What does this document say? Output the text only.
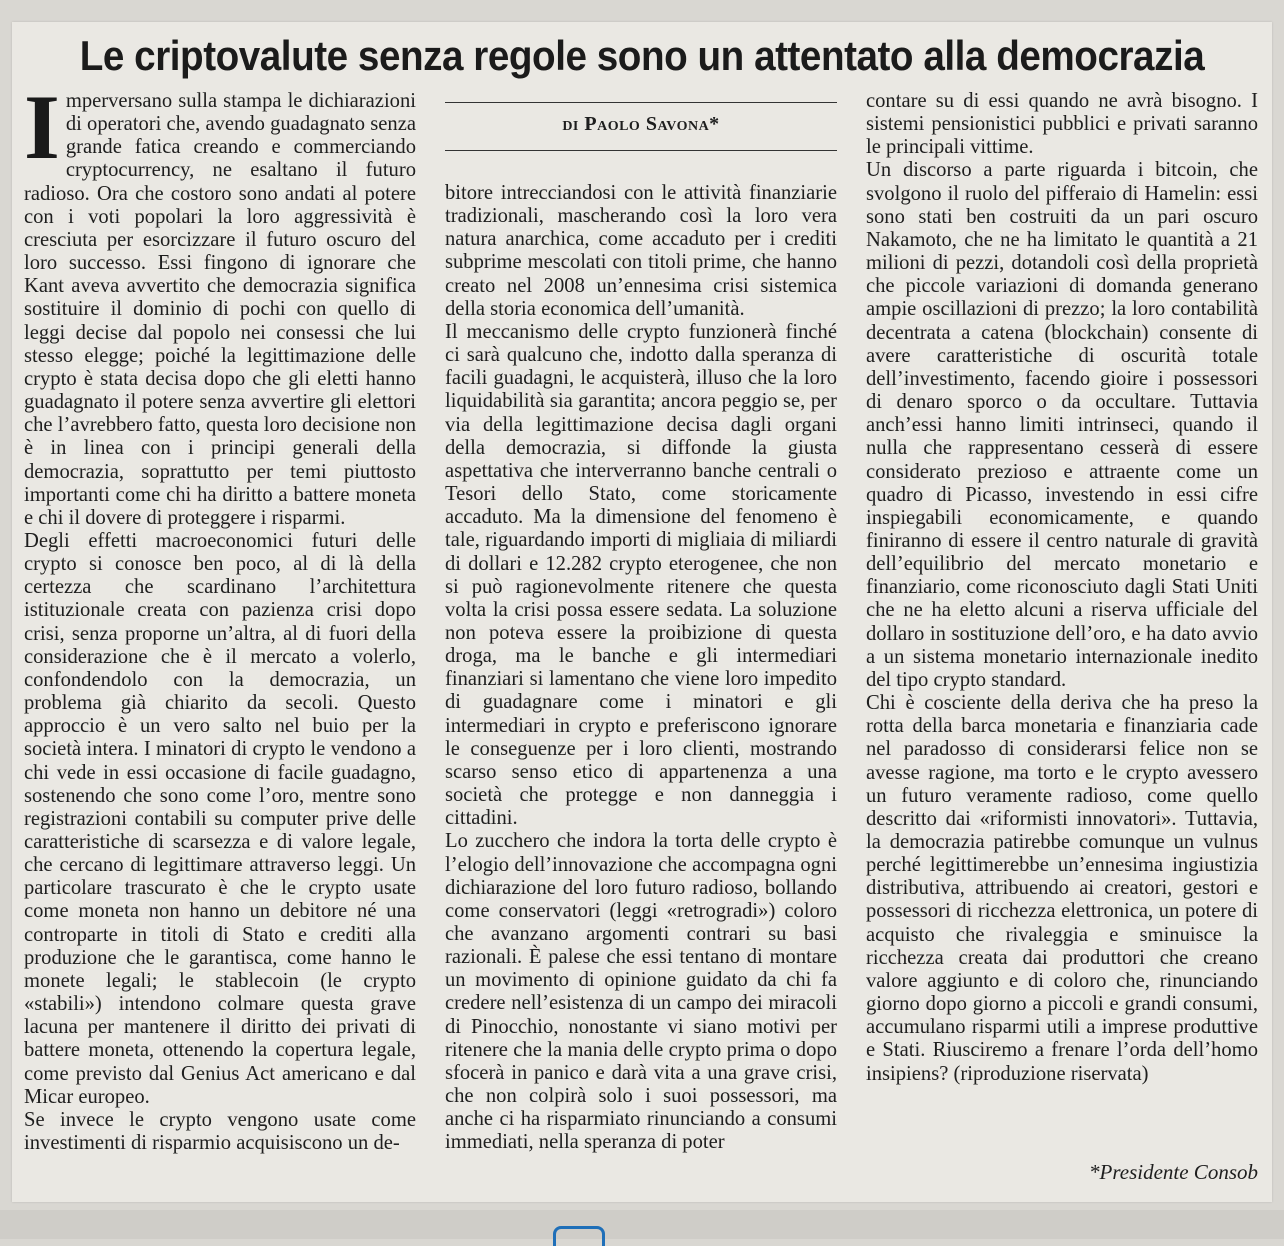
Le criptovalute senza regole sono un attentato alla democrazia
I mperversano sulla stampa le dichiarazioni di operatori che, avendo guadagnato senza grande fatica creando e commerciando cryptocurrency, ne esaltano il futuro radioso. Ora che costoro sono andati al potere con i voti popolari la loro aggressività è cresciuta per esorcizzare il futuro oscuro del loro successo. Essi fingono di ignorare che Kant aveva avvertito che democrazia significa sostituire il dominio di pochi con quello di leggi decise dal popolo nei consessi che lui stesso elegge; poiché la legittimazione delle crypto è stata decisa dopo che gli eletti hanno guadagnato il potere senza avvertire gli elettori che l’avrebbero fatto, questa loro decisione non è in linea con i principi generali della democrazia, soprattutto per temi piuttosto importanti come chi ha diritto a battere moneta e chi il dovere di proteggere i risparmi.

Degli effetti macroeconomici futuri delle crypto si conosce ben poco, al di là della certezza che scardinano l’architettura istituzionale creata con pazienza crisi dopo crisi, senza proporne un’altra, al di fuori della considerazione che è il mercato a volerlo, confondendolo con la democrazia, un problema già chiarito da secoli. Questo approccio è un vero salto nel buio per la società intera. I minatori di crypto le vendono a chi vede in essi occasione di facile guadagno, sostenendo che sono come l’oro, mentre sono registrazioni contabili su computer prive delle caratteristiche di scarsezza e di valore legale, che cercano di legittimare attraverso leggi. Un particolare trascurato è che le crypto usate come moneta non hanno un debitore né una controparte in titoli di Stato e crediti alla produzione che le garantisca, come hanno le monete legali; le stablecoin (le crypto «stabili») intendono colmare questa grave lacuna per mantenere il diritto dei privati di battere moneta, ottenendo la copertura legale, come previsto dal Genius Act americano e dal Micar europeo.

Se invece le crypto vengono usate come investimenti di risparmio acquisiscono un de-

di Paolo Savona*

bitore intrecciandosi con le attività finanziarie tradizionali, mascherando così la loro vera natura anarchica, come accaduto per i crediti subprime mescolati con titoli prime, che hanno creato nel 2008 un’ennesima crisi sistemica della storia economica dell’umanità.

Il meccanismo delle crypto funzionerà finché ci sarà qualcuno che, indotto dalla speranza di facili guadagni, le acquisterà, illuso che la loro liquidabilità sia garantita; ancora peggio se, per via della legittimazione decisa dagli organi della democrazia, si diffonde la giusta aspettativa che interverranno banche centrali o Tesori dello Stato, come storicamente accaduto. Ma la dimensione del fenomeno è tale, riguardando importi di migliaia di miliardi di dollari e 12.282 crypto eterogenee, che non si può ragionevolmente ritenere che questa volta la crisi possa essere sedata. La soluzione non poteva essere la proibizione di questa droga, ma le banche e gli intermediari finanziari si lamentano che viene loro impedito di guadagnare come i minatori e gli intermediari in crypto e preferiscono ignorare le conseguenze per i loro clienti, mostrando scarso senso etico di appartenenza a una società che protegge e non danneggia i cittadini.

Lo zucchero che indora la torta delle crypto è l’elogio dell’innovazione che accompagna ogni dichiarazione del loro futuro radioso, bollando come conservatori (leggi «retrogradi») coloro che avanzano argomenti contrari su basi razionali. È palese che essi tentano di montare un movimento di opinione guidato da chi fa credere nell’esistenza di un campo dei miracoli di Pinocchio, nonostante vi siano motivi per ritenere che la mania delle crypto prima o dopo sfocerà in panico e darà vita a una grave crisi, che non colpirà solo i suoi possessori, ma anche ci ha risparmiato rinunciando a consumi immediati, nella speranza di poter

contare su di essi quando ne avrà bisogno. I sistemi pensionistici pubblici e privati saranno le principali vittime.

Un discorso a parte riguarda i bitcoin, che svolgono il ruolo del pifferaio di Hamelin: essi sono stati ben costruiti da un pari oscuro Nakamoto, che ne ha limitato le quantità a 21 milioni di pezzi, dotandoli così della proprietà che piccole variazioni di domanda generano ampie oscillazioni di prezzo; la loro contabilità decentrata a catena (blockchain) consente di avere caratteristiche di oscurità totale dell’investimento, facendo gioire i possessori di denaro sporco o da occultare. Tuttavia anch’essi hanno limiti intrinseci, quando il nulla che rappresentano cesserà di essere considerato prezioso e attraente come un quadro di Picasso, investendo in essi cifre inspiegabili economicamente, e quando finiranno di essere il centro naturale di gravità dell’equilibrio del mercato monetario e finanziario, come riconosciuto dagli Stati Uniti che ne ha eletto alcuni a riserva ufficiale del dollaro in sostituzione dell’oro, e ha dato avvio a un sistema monetario internazionale inedito del tipo crypto standard.

Chi è cosciente della deriva che ha preso la rotta della barca monetaria e finanziaria cade nel paradosso di considerarsi felice non se avesse ragione, ma torto e le crypto avessero un futuro veramente radioso, come quello descritto dai «riformisti innovatori». Tuttavia, la democrazia patirebbe comunque un vulnus perché legittimerebbe un’ennesima ingiustizia distributiva, attribuendo ai creatori, gestori e possessori di ricchezza elettronica, un potere di acquisto che rivaleggia e sminuisce la ricchezza creata dai produttori che creano valore aggiunto e di coloro che, rinunciando giorno dopo giorno a piccoli e grandi consumi, accumulano risparmi utili a imprese produttive e Stati. Riusciremo a frenare l’orda dell’homo insipiens? (riproduzione riservata)

*Presidente Consob
